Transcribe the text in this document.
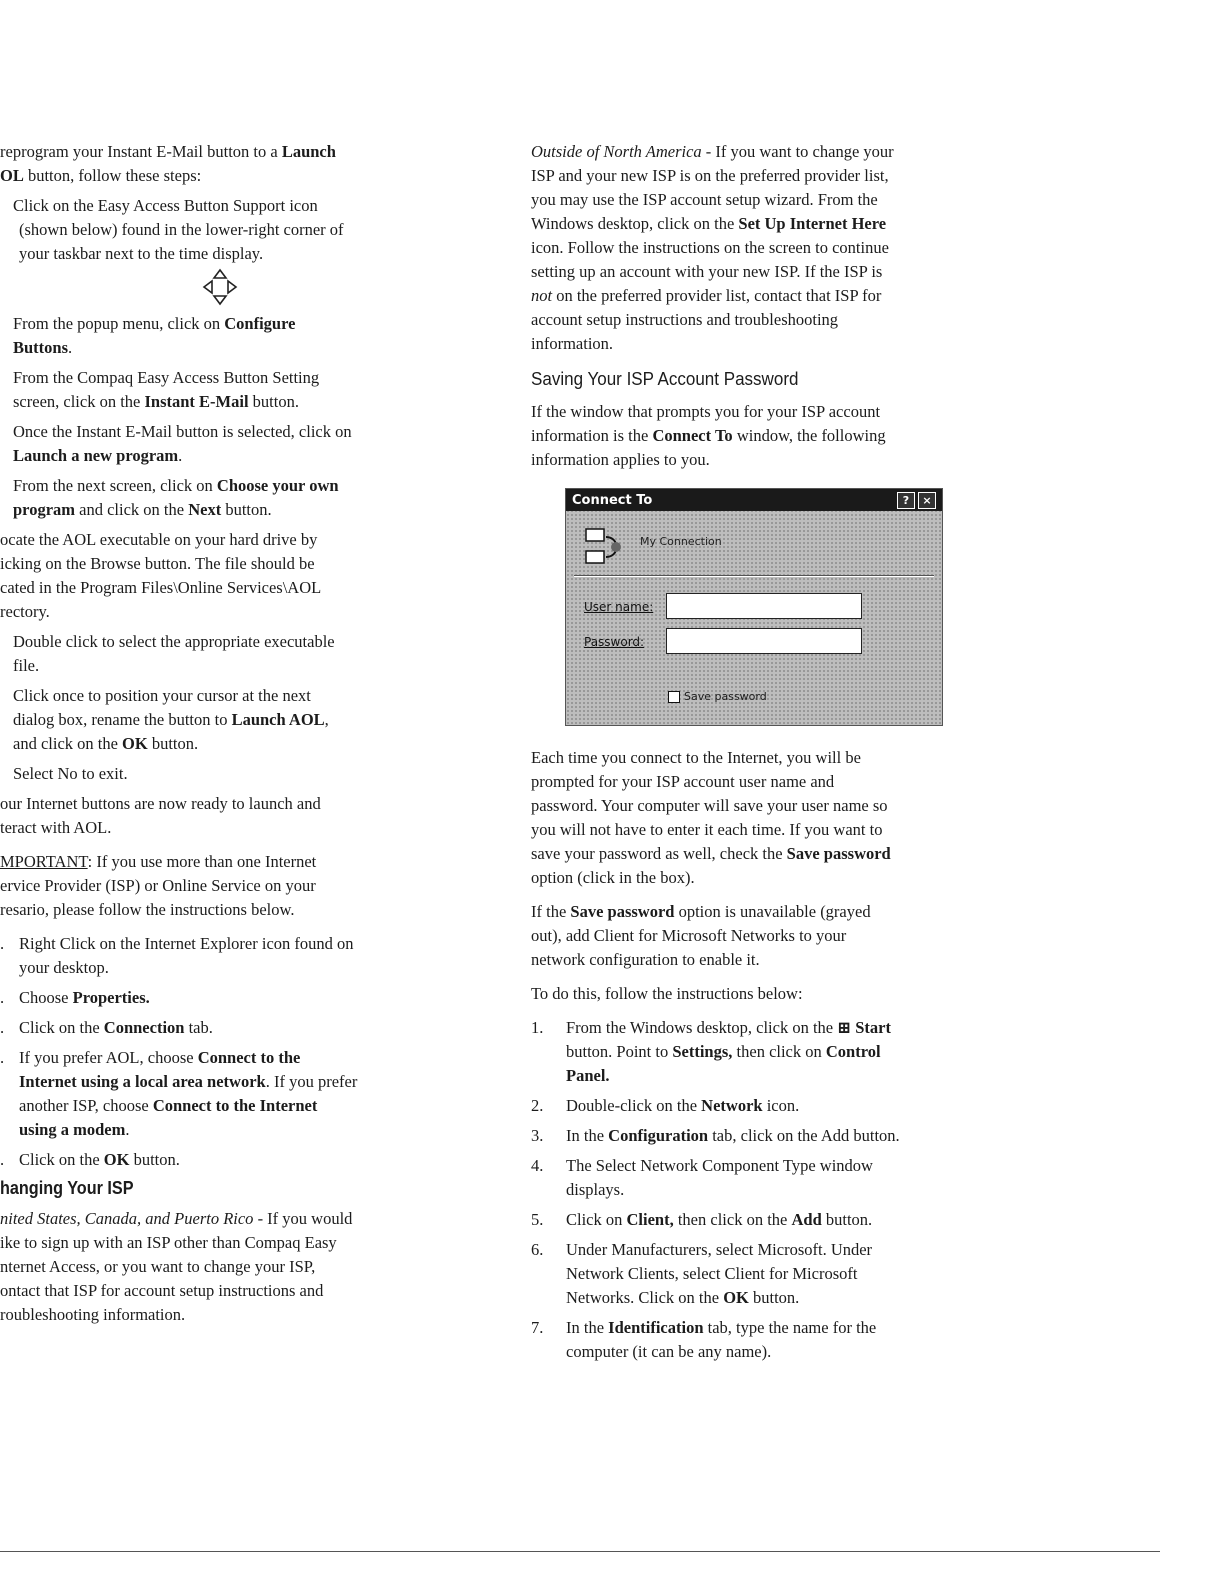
reprogram your Instant E-Mail button to a Launch
OL button, follow these steps:
Click on the Easy Access Button Support icon
(shown below) found in the lower-right corner of
your taskbar next to the time display.
From the popup menu, click on Configure
Buttons.
From the Compaq Easy Access Button Setting
screen, click on the Instant E-Mail button.
Once the Instant E-Mail button is selected, click on
Launch a new program.
From the next screen, click on Choose your own
program and click on the Next button.
ocate the AOL executable on your hard drive by
icking on the Browse button. The file should be
cated in the Program Files\Online Services\AOL
rectory.
Double click to select the appropriate executable
file.
Click once to position your cursor at the next
dialog box, rename the button to Launch AOL,
and click on the OK button.
Select No to exit.
our Internet buttons are now ready to launch and
teract with AOL.
MPORTANT: If you use more than one Internet
ervice Provider (ISP) or Online Service on your
resario, please follow the instructions below.
. Right Click on the Internet Explorer icon found on
your desktop.
. Choose Properties.
. Click on the Connection tab.
. If you prefer AOL, choose Connect to the
Internet using a local area network. If you prefer
another ISP, choose Connect to the Internet
using a modem.
. Click on the OK button.
hanging Your ISP
nited States, Canada, and Puerto Rico - If you would
ike to sign up with an ISP other than Compaq Easy
nternet Access, or you want to change your ISP,
ontact that ISP for account setup instructions and
roubleshooting information.
Outside of North America - If you want to change your
ISP and your new ISP is on the preferred provider list,
you may use the ISP account setup wizard. From the
Windows desktop, click on the Set Up Internet Here
icon. Follow the instructions on the screen to continue
setting up an account with your new ISP. If the ISP is
not on the preferred provider list, contact that ISP for
account setup instructions and troubleshooting
information.
Saving Your ISP Account Password
If the window that prompts you for your ISP account
information is the Connect To window, the following
information applies to you.
Connect To	?	×
My Connection
User name:
Password:
Save password
Each time you connect to the Internet, you will be
prompted for your ISP account user name and
password. Your computer will save your user name so
you will not have to enter it each time. If you want to
save your password as well, check the Save password
option (click in the box).
If the Save password option is unavailable (grayed
out), add Client for Microsoft Networks to your
network configuration to enable it.
To do this, follow the instructions below:
1. From the Windows desktop, click on the ⊞ Start
button. Point to Settings, then click on Control
Panel.
2. Double-click on the Network icon.
3. In the Configuration tab, click on the Add button.
4. The Select Network Component Type window
displays.
5. Click on Client, then click on the Add button.
6. Under Manufacturers, select Microsoft. Under
Network Clients, select Client for Microsoft
Networks. Click on the OK button.
7. In the Identification tab, type the name for the
computer (it can be any name).
